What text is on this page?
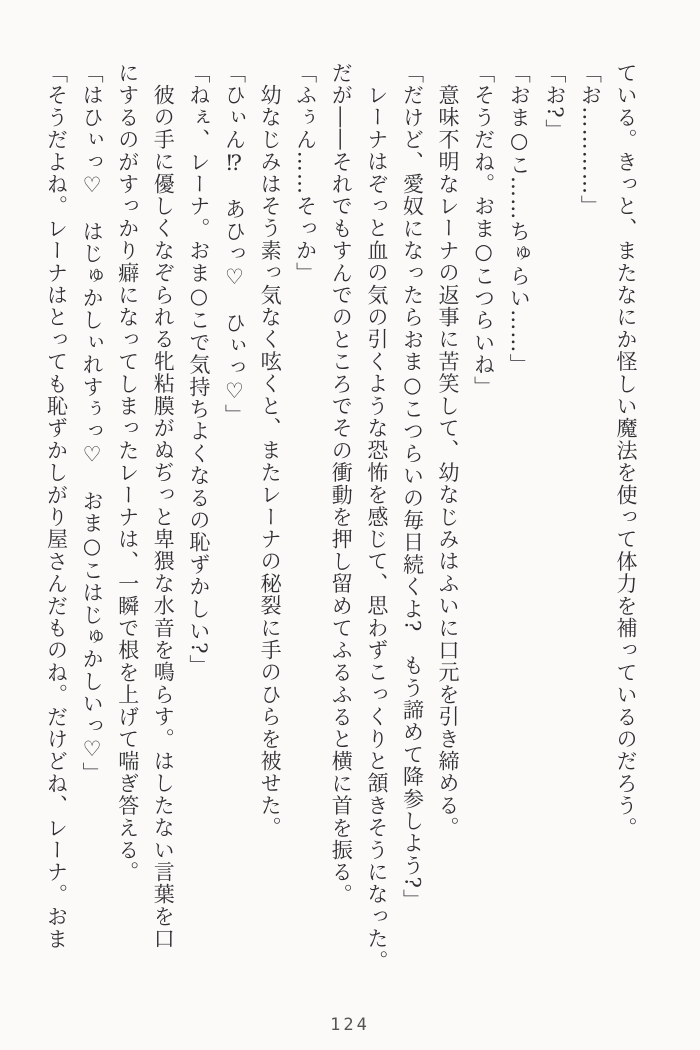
ている。きっと、またなにか怪しい魔法を使って体力を補っているのだろう。
「お…………」
「お?」
「おま○こ……ちゅらい……」
「そうだね。おま○こつらいね」
意味不明なレーナの返事に苦笑して、幼なじみはふいに口元を引き締める。
「だけど、愛奴になったらおま○こつらいの毎日続くよ?　もう諦めて降参しよう?」
レーナはぞっと血の気の引くような恐怖を感じて、思わずこっくりと頷きそうになった。
だが――それでもすんでのところでその衝動を押し留めてふるふると横に首を振る。
「ふぅん……そっか」
幼なじみはそう素っ気なく呟くと、またレーナの秘裂に手のひらを被せた。
「ひぃん⁉　あひっ♡　ひぃっ♡」
「ねぇ、レーナ。おま○こで気持ちよくなるの恥ずかしい?」
彼の手に優しくなぞられる牝粘膜がぬぢっと卑猥な水音を鳴らす。はしたない言葉を口
にするのがすっかり癖になってしまったレーナは、一瞬で根を上げて喘ぎ答える。
「はひぃっ♡　はじゅかしぃれすぅっ♡　おま○こはじゅかしいっ♡」
「そうだよね。レーナはとっても恥ずかしがり屋さんだものね。だけどね、レーナ。おま
124
